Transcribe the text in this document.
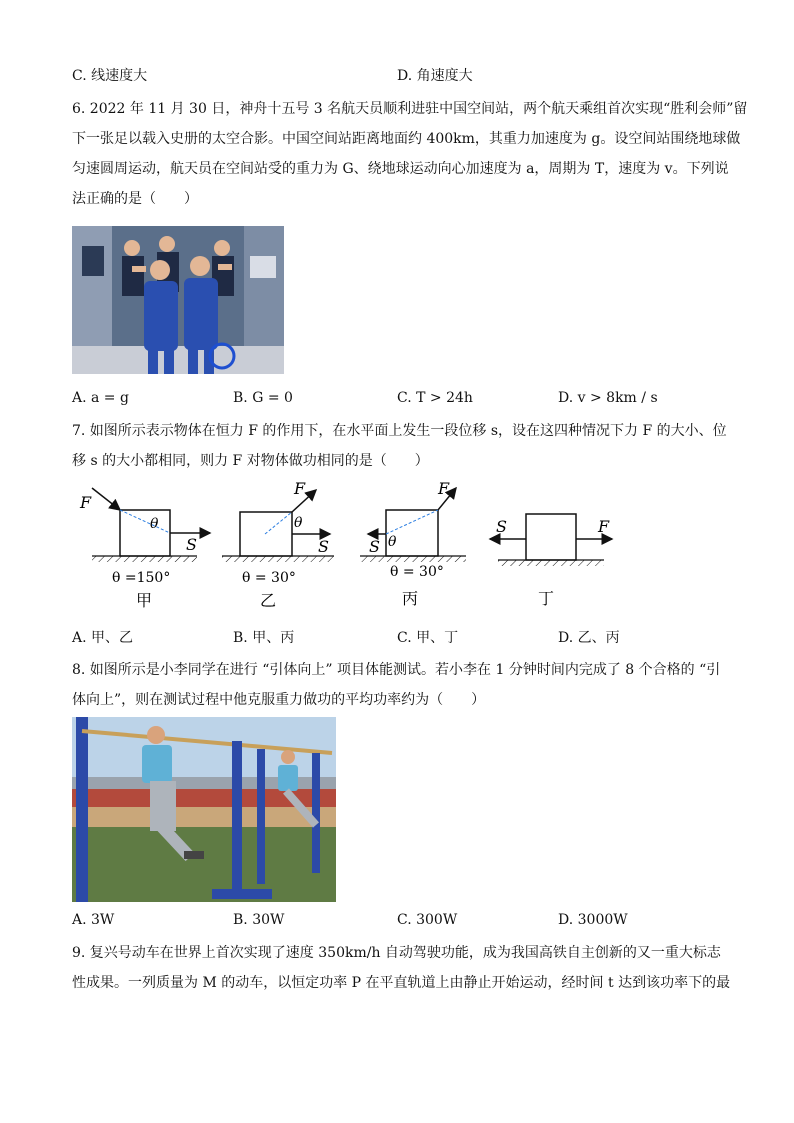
C. 线速度大	D. 角速度大
6. 2022 年 11 月 30 日，神舟十五号 3 名航天员顺利进驻中国空间站，两个航天乘组首次实现“胜利会师”留
下一张足以载入史册的太空合影。中国空间站距离地面约 400km，其重力加速度为 g。设空间站围绕地球做
匀速圆周运动，航天员在空间站受的重力为 G、绕地球运动向心加速度为 a，周期为 T，速度为 v。下列说
法正确的是（　　）
A. a = g	B. G = 0	C. T > 24h	D. v > 8km / s
7. 如图所示表示物体在恒力 F 的作用下，在水平面上发生一段位移 s，设在这四种情况下力 F 的大小、位
移 s 的大小都相同，则力 F 对物体做功相同的是（　　）
F
θ
S
θ =150°
甲
F
θ
S
θ = 30°
乙
F
θ
S
θ = 30°
丙
S	F
丁
A. 甲、乙	B. 甲、丙	C. 甲、丁	D. 乙、丙
8. 如图所示是小李同学在进行 “引体向上” 项目体能测试。若小李在 1 分钟时间内完成了 8 个合格的 “引
体向上”，则在测试过程中他克服重力做功的平均功率约为（　　）
A. 3W	B. 30W	C. 300W	D. 3000W
9. 复兴号动车在世界上首次实现了速度 350km/h 自动驾驶功能，成为我国高铁自主创新的又一重大标志
性成果。一列质量为 M 的动车，以恒定功率 P 在平直轨道上由静止开始运动，经时间 t 达到该功率下的最
